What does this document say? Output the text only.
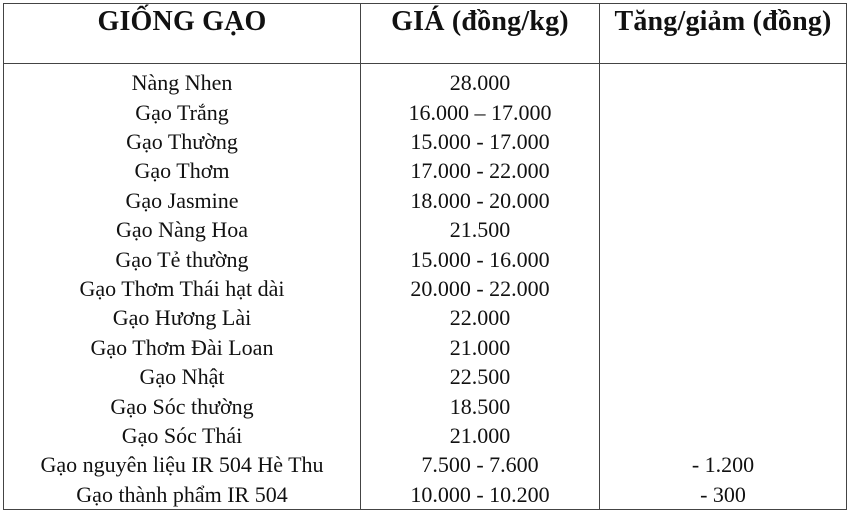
GIỐNG GẠO	GIÁ (đồng/kg)	Tăng/giảm (đồng)
Nàng Nhen	28.000	
Gạo Trắng	16.000 – 17.000	
Gạo Thường	15.000 - 17.000	
Gạo Thơm	17.000 - 22.000	
Gạo Jasmine	18.000 - 20.000	
Gạo Nàng Hoa	21.500	
Gạo Tẻ thường	15.000 - 16.000	
Gạo Thơm Thái hạt dài	20.000 - 22.000	
Gạo Hương Lài	22.000	
Gạo Thơm Đài Loan	21.000	
Gạo Nhật	22.500	
Gạo Sóc thường	18.500	
Gạo Sóc Thái	21.000	
Gạo nguyên liệu IR 504 Hè Thu	7.500 - 7.600	- 1.200
Gạo thành phẩm IR 504	10.000 - 10.200	- 300
